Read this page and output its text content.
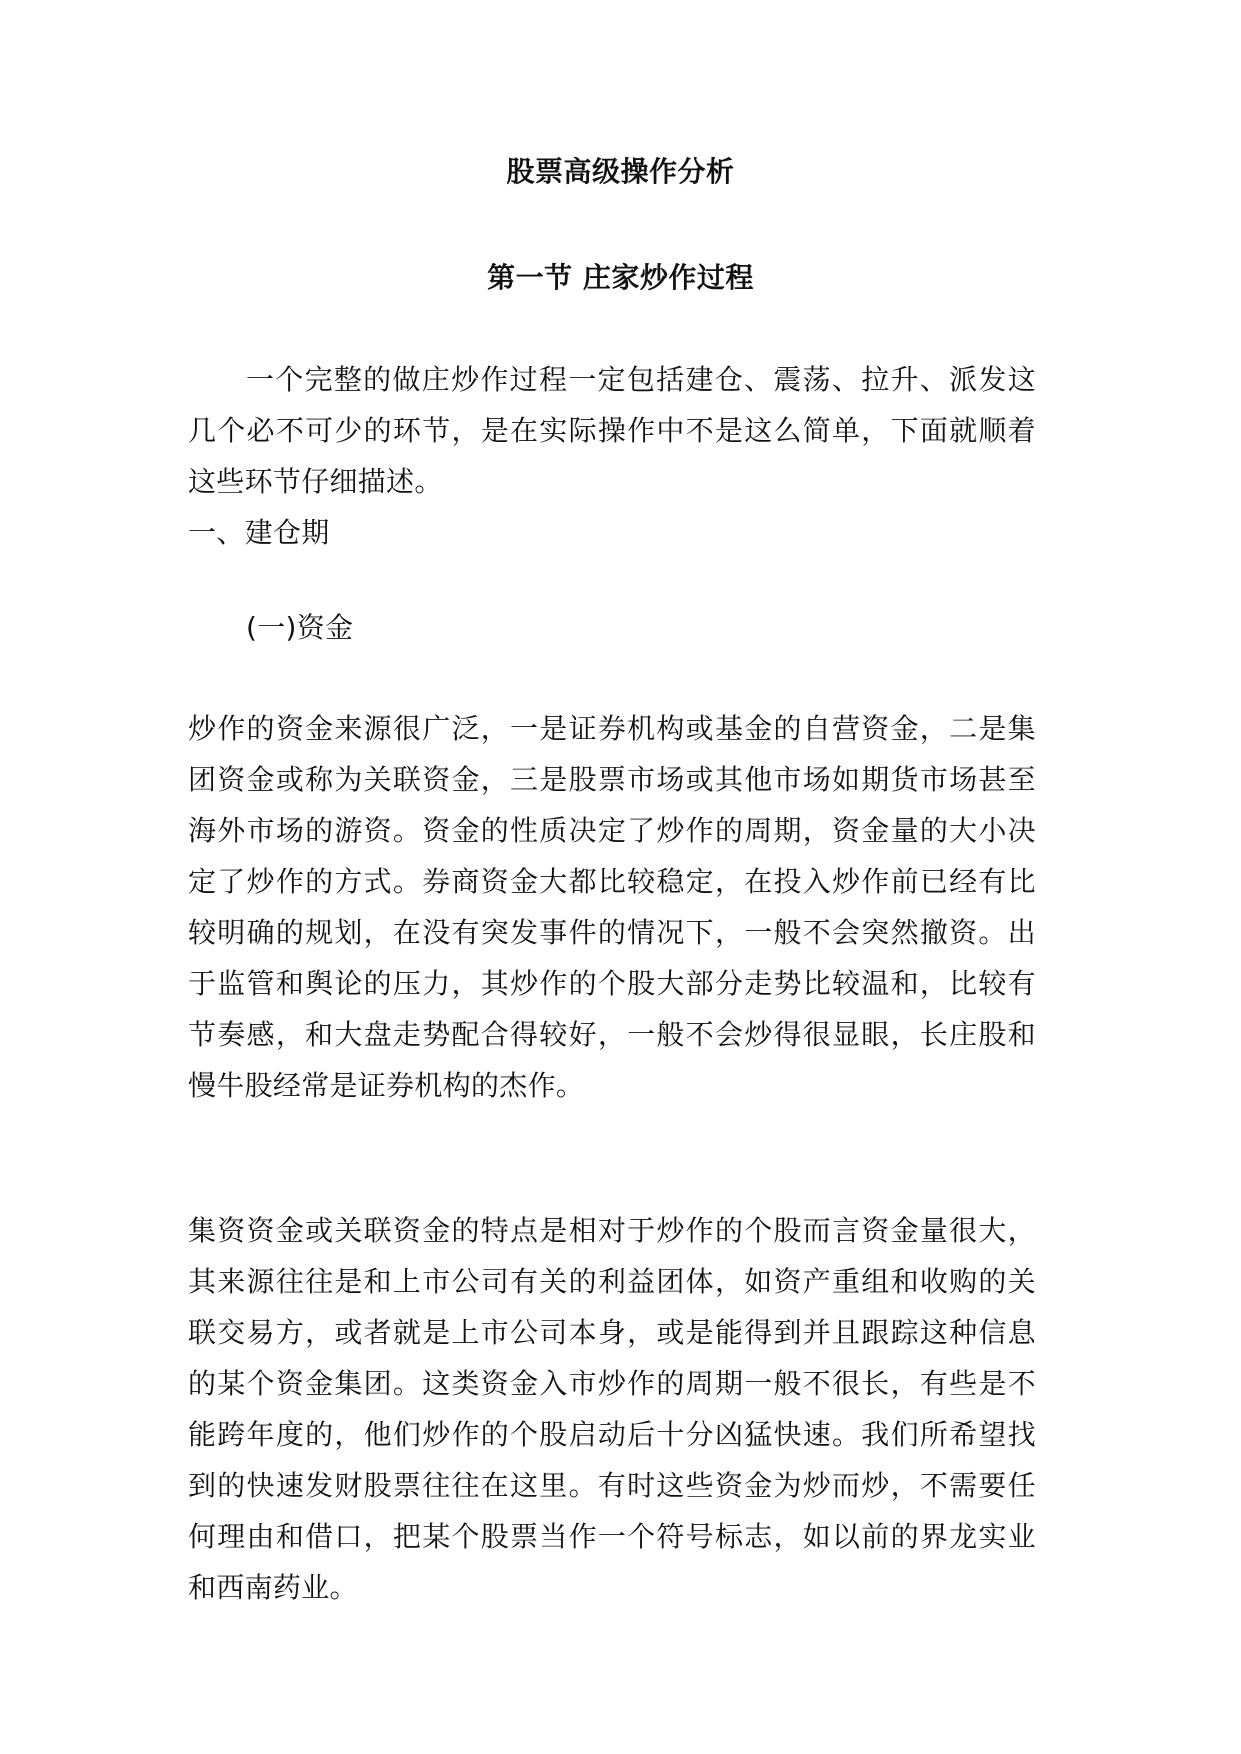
股票高级操作分析
第一节 庄家炒作过程

一个完整的做庄炒作过程一定包括建仓、震荡、拉升、派发这几个必不可少的环节，是在实际操作中不是这么简单，下面就顺着这些环节仔细描述。

一、建仓期

(一)资金

炒作的资金来源很广泛，一是证券机构或基金的自营资金，二是集团资金或称为关联资金，三是股票市场或其他市场如期货市场甚至海外市场的游资。资金的性质决定了炒作的周期，资金量的大小决定了炒作的方式。券商资金大都比较稳定，在投入炒作前已经有比较明确的规划，在没有突发事件的情况下，一般不会突然撤资。出于监管和舆论的压力，其炒作的个股大部分走势比较温和，比较有节奏感，和大盘走势配合得较好，一般不会炒得很显眼，长庄股和慢牛股经常是证券机构的杰作。

集资资金或关联资金的特点是相对于炒作的个股而言资金量很大，其来源往往是和上市公司有关的利益团体，如资产重组和收购的关联交易方，或者就是上市公司本身，或是能得到并且跟踪这种信息的某个资金集团。这类资金入市炒作的周期一般不很长，有些是不能跨年度的，他们炒作的个股启动后十分凶猛快速。我们所希望找到的快速发财股票往往在这里。有时这些资金为炒而炒，不需要任何理由和借口，把某个股票当作一个符号标志，如以前的界龙实业和西南药业。
